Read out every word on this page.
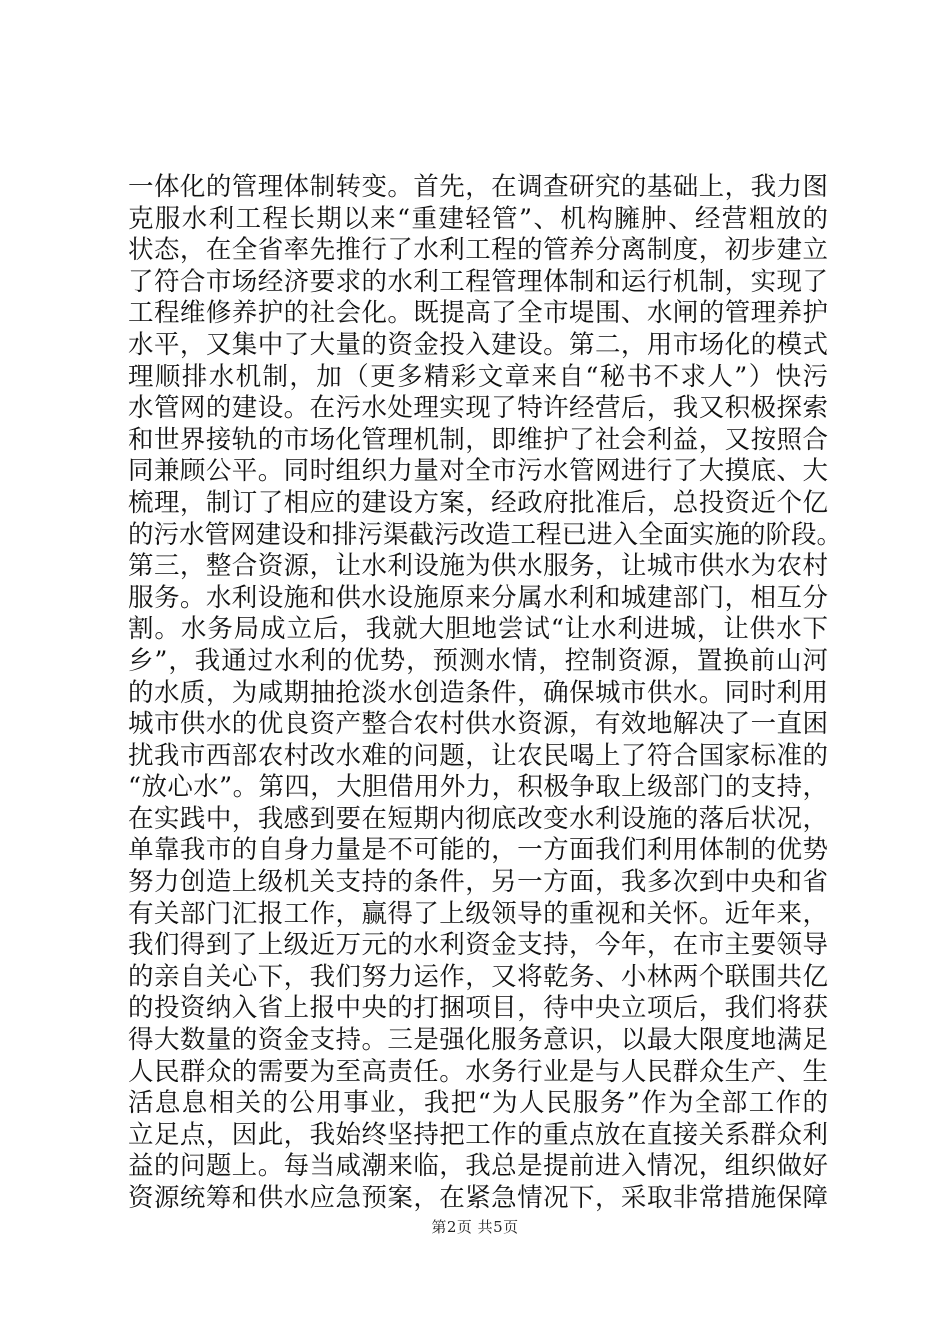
一体化的管理体制转变。首先，在调查研究的基础上，我力图
克服水利工程长期以来“重建轻管”、机构臃肿、经营粗放的
状态，在全省率先推行了水利工程的管养分离制度，初步建立
了符合市场经济要求的水利工程管理体制和运行机制，实现了
工程维修养护的社会化。既提高了全市堤围、水闸的管理养护
水平，又集中了大量的资金投入建设。第二，用市场化的模式
理顺排水机制，加（更多精彩文章来自“秘书不求人”）快污
水管网的建设。在污水处理实现了特许经营后，我又积极探索
和世界接轨的市场化管理机制，即维护了社会利益，又按照合
同兼顾公平。同时组织力量对全市污水管网进行了大摸底、大
梳理，制订了相应的建设方案，经政府批准后，总投资近个亿
的污水管网建设和排污渠截污改造工程已进入全面实施的阶段。
第三，整合资源，让水利设施为供水服务，让城市供水为农村
服务。水利设施和供水设施原来分属水利和城建部门，相互分
割。水务局成立后，我就大胆地尝试“让水利进城，让供水下
乡”，我通过水利的优势，预测水情，控制资源，置换前山河
的水质，为咸期抽抢淡水创造条件，确保城市供水。同时利用
城市供水的优良资产整合农村供水资源，有效地解决了一直困
扰我市西部农村改水难的问题，让农民喝上了符合国家标准的
“放心水”。第四，大胆借用外力，积极争取上级部门的支持，
在实践中，我感到要在短期内彻底改变水利设施的落后状况，
单靠我市的自身力量是不可能的，一方面我们利用体制的优势
努力创造上级机关支持的条件，另一方面，我多次到中央和省
有关部门汇报工作，赢得了上级领导的重视和关怀。近年来，
我们得到了上级近万元的水利资金支持，今年，在市主要领导
的亲自关心下，我们努力运作，又将乾务、小林两个联围共亿
的投资纳入省上报中央的打捆项目，待中央立项后，我们将获
得大数量的资金支持。三是强化服务意识，以最大限度地满足
人民群众的需要为至高责任。水务行业是与人民群众生产、生
活息息相关的公用事业，我把“为人民服务”作为全部工作的
立足点，因此，我始终坚持把工作的重点放在直接关系群众利
益的问题上。每当咸潮来临，我总是提前进入情况，组织做好
资源统筹和供水应急预案，在紧急情况下，采取非常措施保障
第2页 共5页
